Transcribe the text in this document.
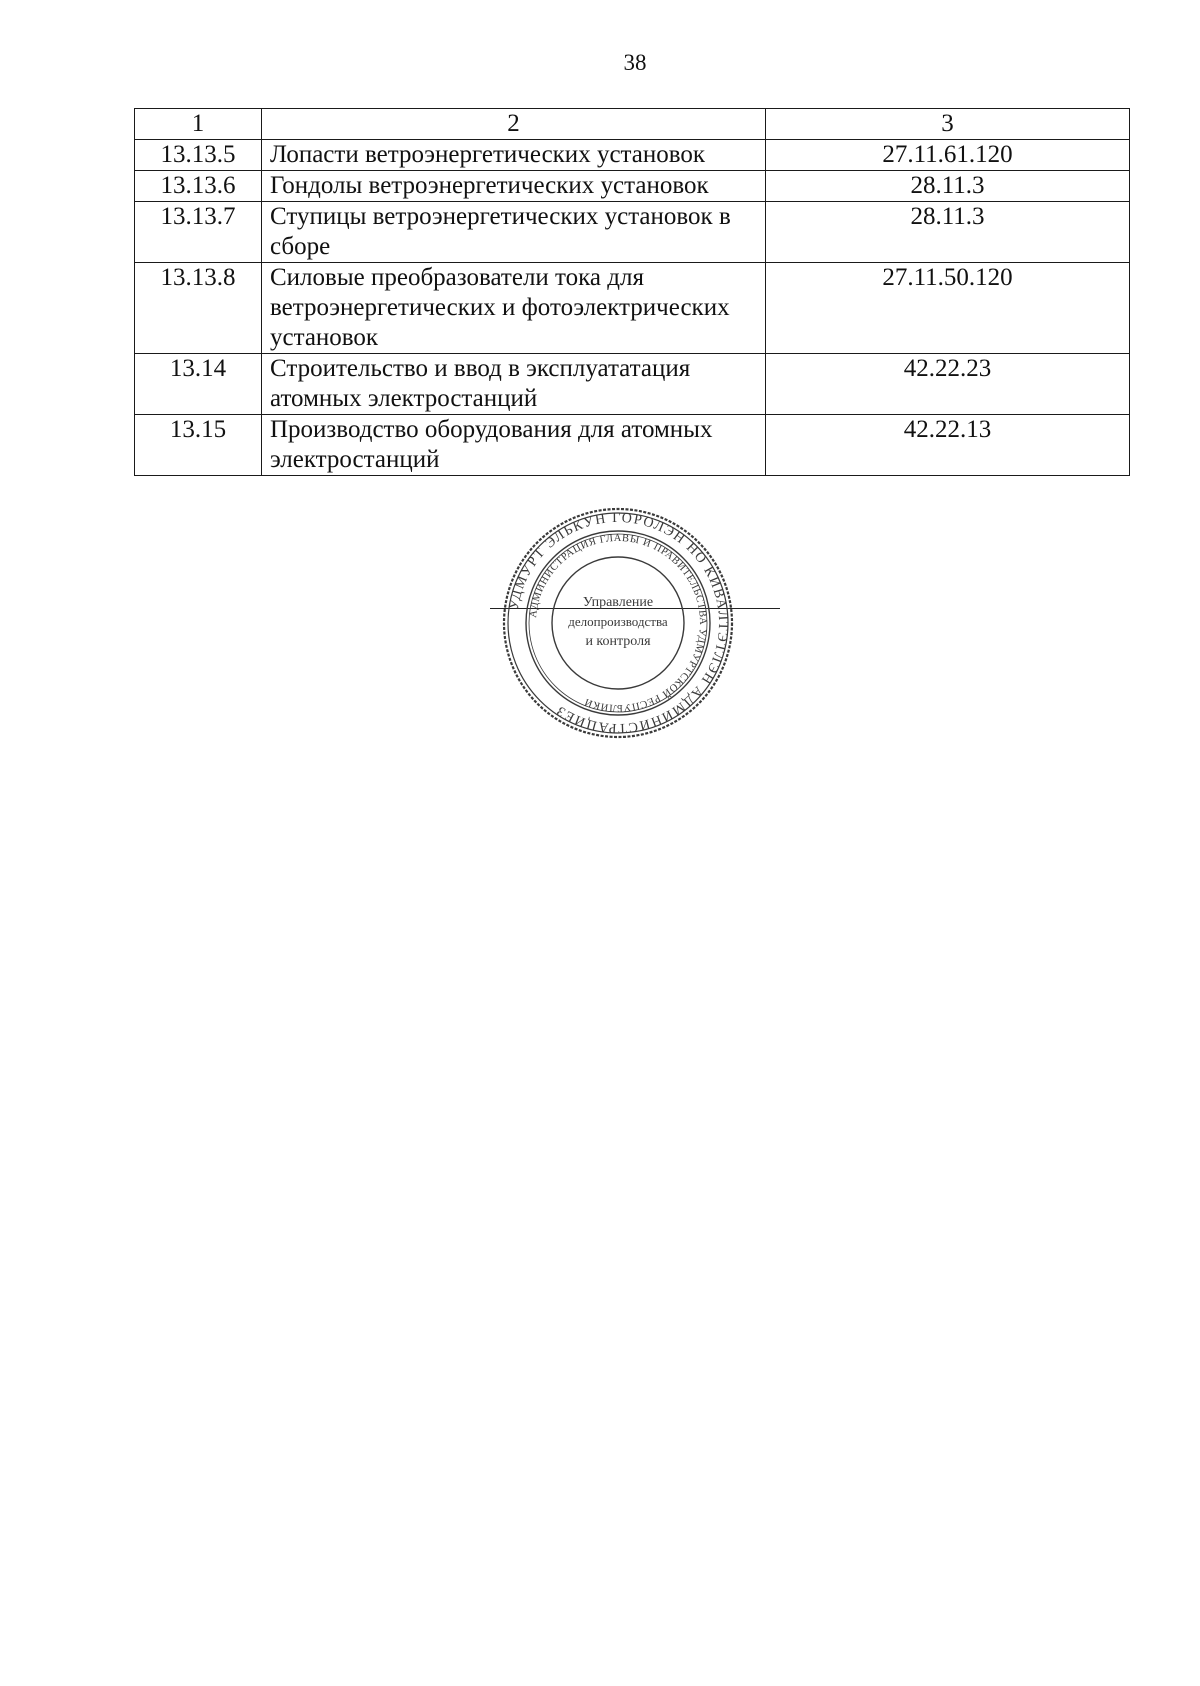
38
1	2	3
13.13.5	Лопасти ветроэнергетических установок	27.11.61.120
13.13.6	Гондолы ветроэнергетических установок	28.11.3
13.13.7	Ступицы ветроэнергетических установок в сборе	28.11.3
13.13.8	Силовые преобразователи тока для ветроэнергетических и фотоэлектрических установок	27.11.50.120
13.14	Строительство и ввод в эксплуататация атомных электростанций	42.22.23
13.15	Производство оборудования для атомных электростанций	42.22.13
УДМУРТ ЭЛЬКУН ГОРОЛЭН НО КИВАЛТЭТЛЭН АДМИНИСТРАЦИЕЗ
АДМИНИСТРАЦИЯ ГЛАВЫ И ПРАВИТЕЛЬСТВА УДМУРТСКОЙ РЕСПУБЛИКИ
Управление
делопроизводства
и контроля
